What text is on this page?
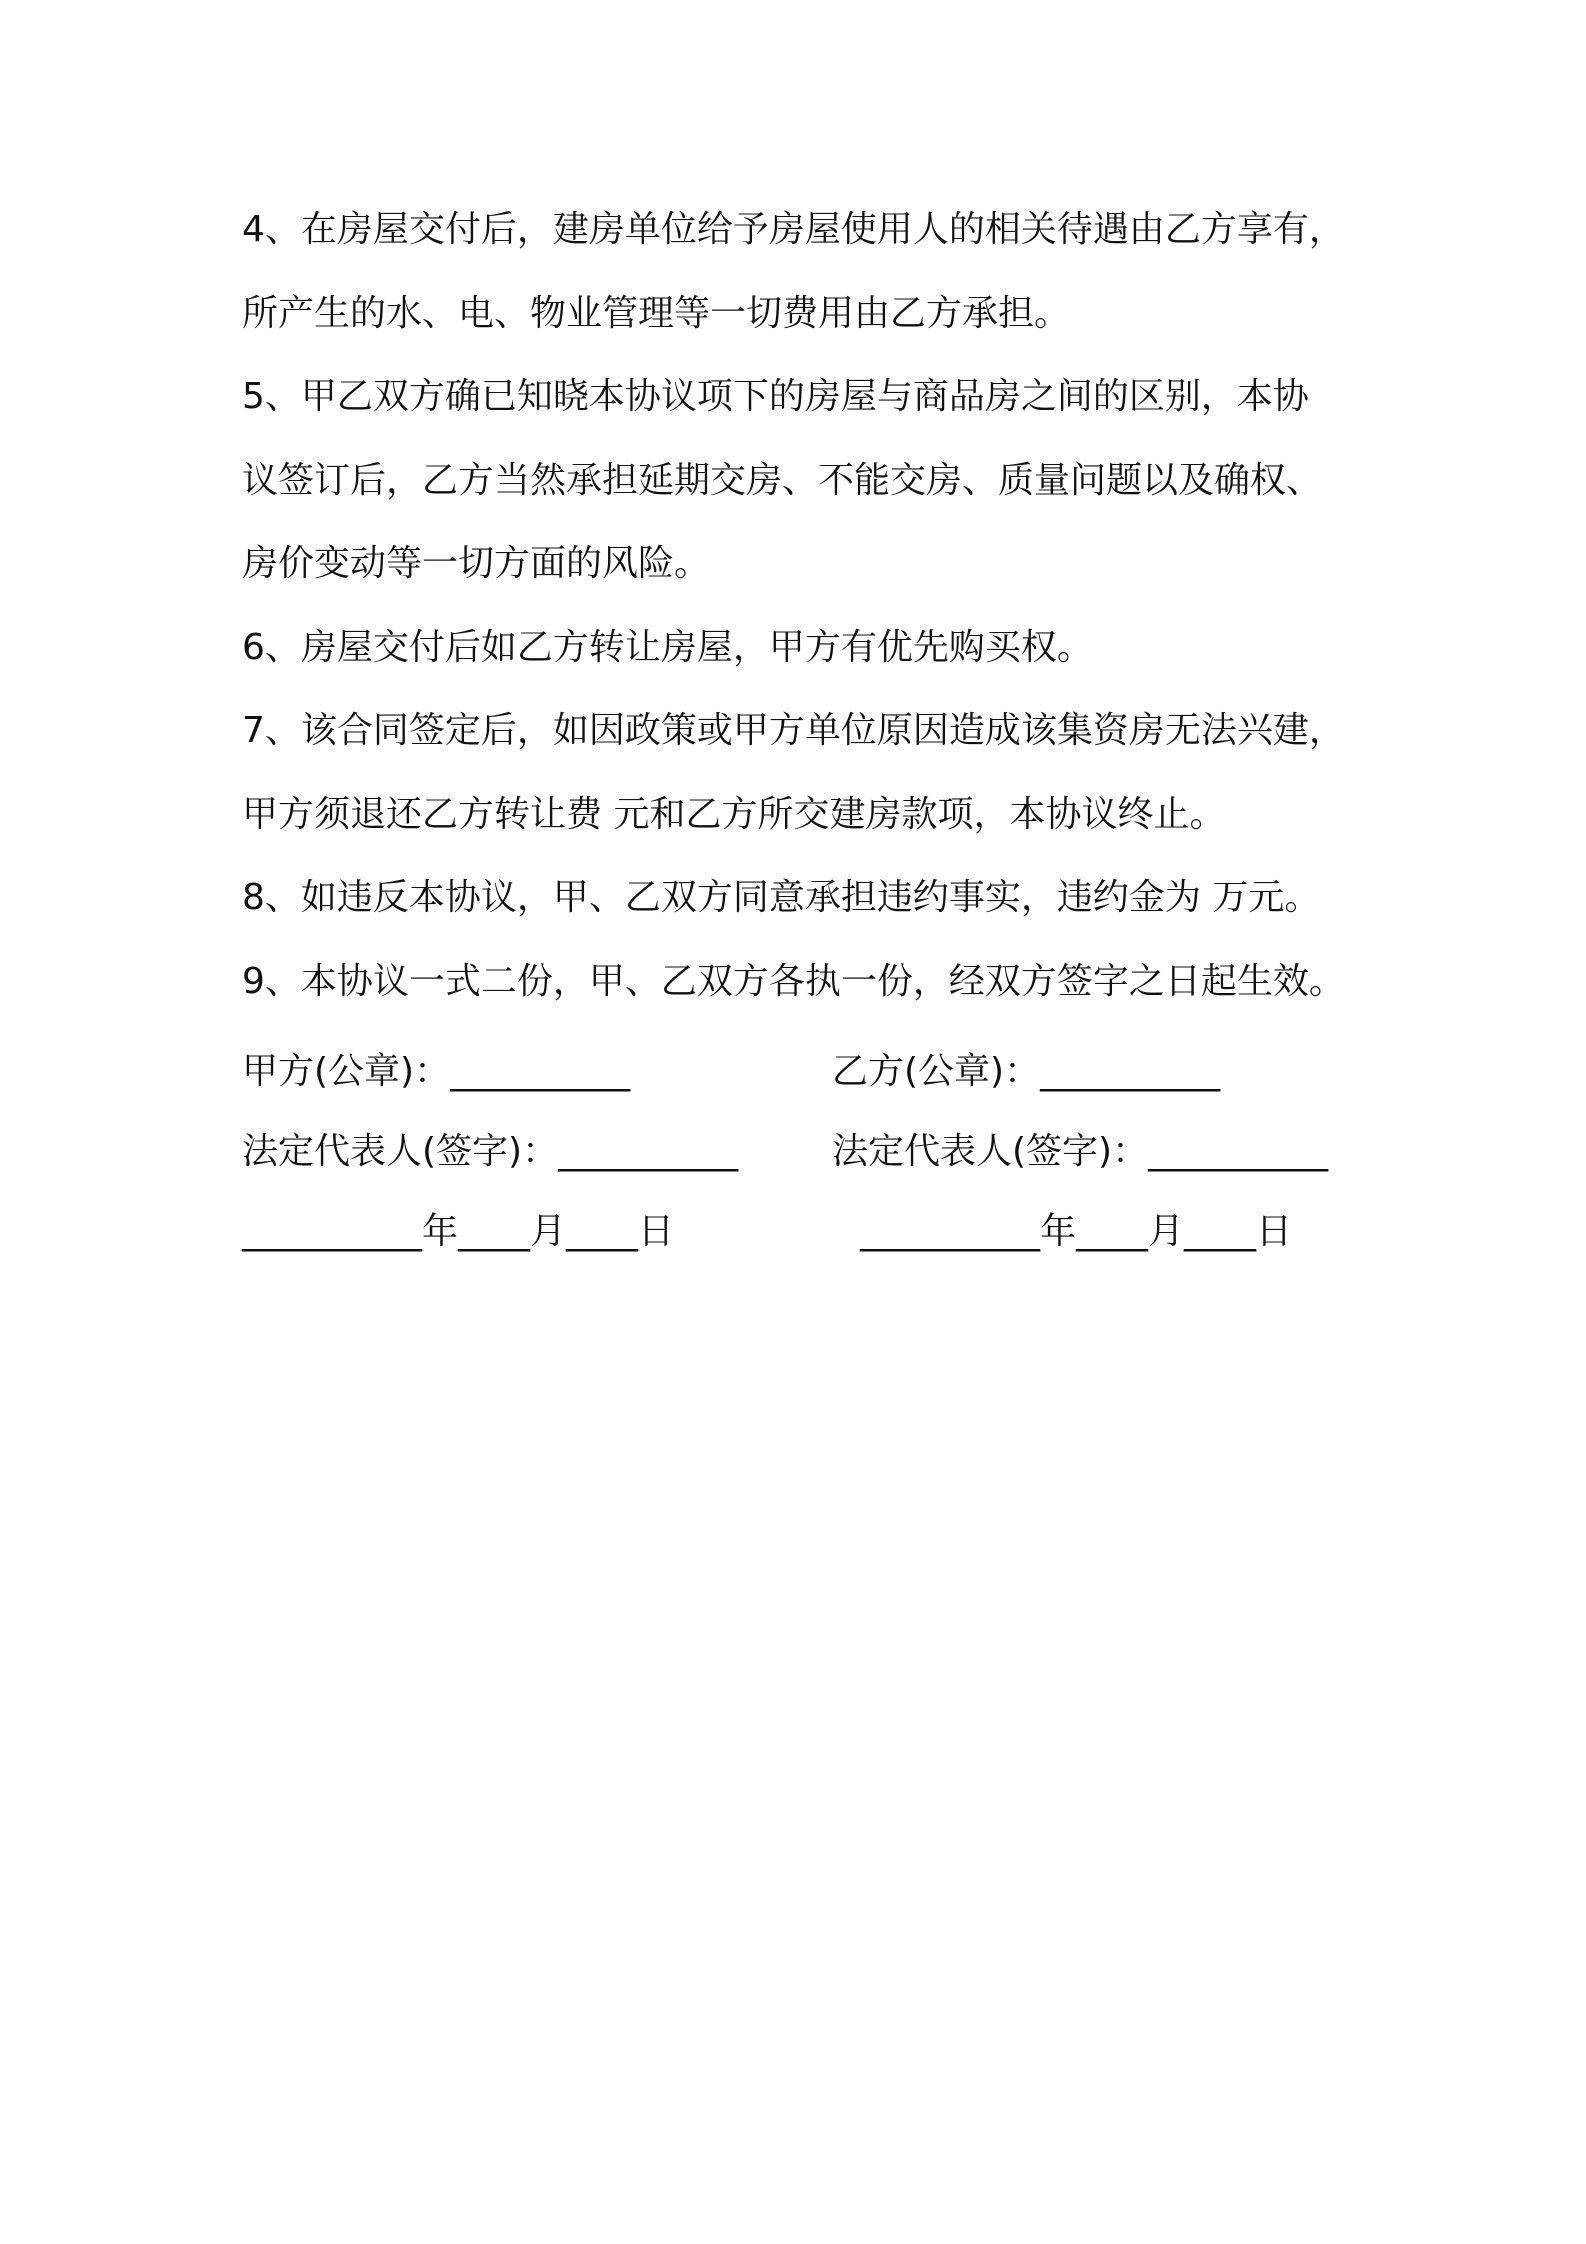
4、在房屋交付后，建房单位给予房屋使用人的相关待遇由乙方享有，
所产生的水、电、物业管理等一切费用由乙方承担。
5、甲乙双方确已知晓本协议项下的房屋与商品房之间的区别，本协
议签订后，乙方当然承担延期交房、不能交房、质量问题以及确权、
房价变动等一切方面的风险。
6、房屋交付后如乙方转让房屋，甲方有优先购买权。
7、该合同签定后，如因政策或甲方单位原因造成该集资房无法兴建，
甲方须退还乙方转让费 元和乙方所交建房款项，本协议终止。
8、如违反本协议，甲、乙双方同意承担违约事实，违约金为 万元。
9、本协议一式二份，甲、乙双方各执一份，经双方签字之日起生效。
甲方(公章)：__________	乙方(公章)：__________
法定代表人(签字)：__________	法定代表人(签字)：__________
__________年____月____日	__________年____月____日
